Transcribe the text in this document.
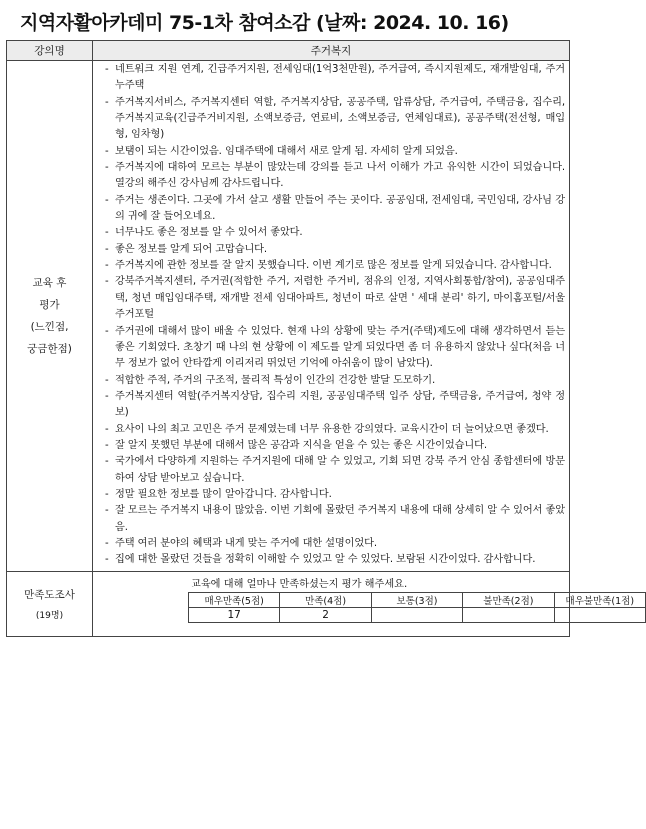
지역자활아카데미 75-1차 참여소감 (날짜: 2024. 10. 16)
강의명	주거복지

교육 후
평가
(느낀점,
궁금한점)

- 네트워크 지원 연계, 긴급주거지원, 전세임대(1억3천만원), 주거급여, 즉시지원제도, 재개발임대, 주거누주택
- 주거복지서비스, 주거복지센터 역할, 주거복지상담, 공공주택, 압류상담, 주거급여, 주택금융, 집수리, 주거복지교육(긴급주거비지원, 소액보증금, 연료비, 소액보증금, 연체임대료), 공공주택(전선형, 매입형, 임차형)
- 보탬이 되는 시간이었음. 임대주택에 대해서 새로 알게 됨. 자세히 알게 되었음.
- 주거복지에 대하여 모르는 부분이 많았는데 강의를 듣고 나서 이해가 가고 유익한 시간이 되었습니다. 열강의 해주신 강사님께 감사드립니다.
- 주거는 생존이다. 그곳에 가서 살고 생활 만들어 주는 곳이다. 공공임대, 전세임대, 국민임대, 강사님 강의 귀에 잘 들어오네요.
- 너무나도 좋은 정보를 알 수 있어서 좋았다.
- 좋은 정보를 알게 되어 고맙습니다.
- 주거복지에 관한 정보를 잘 알지 못했습니다. 이번 계기로 많은 정보를 알게 되었습니다. 감사합니다.
- 강북주거복지센터, 주거권(적합한 주거, 저렴한 주거비, 점유의 인정, 지역사회통합/참여), 공공임대주택, 청년 매입임대주택, 재개발 전세 임대아파트, 청년이 따로 살면 ' 세대 분리' 하기, 마이홈포털/서울주거포털
- 주거권에 대해서 많이 배울 수 있었다. 현재 나의 상황에 맞는 주거(주택)제도에 대해 생각하면서 듣는 좋은 기회였다. 초창기 때 나의 현 상황에 이 제도를 알게 되었다면 좀 더 유용하지 않았나 싶다(처음 너무 정보가 없어 안타깝게 이리저리 뛰었던 기억에 아쉬움이 많이 남았다).
- 적합한 주적, 주거의 구조적, 물리적 특성이 인간의 건강한 발달 도모하기.
- 주거복지센터 역할(주거복지상담, 집수리 지원, 공공임대주택 입주 상담, 주택금융, 주거급여, 청약 정보)
- 요사이 나의 최고 고민은 주거 문제였는데 너무 유용한 강의였다. 교육시간이 더 늘어났으면 좋겠다.
- 잘 알지 못했던 부분에 대해서 많은 공감과 지식을 얻을 수 있는 좋은 시간이었습니다.
- 국가에서 다양하게 지원하는 주거지원에 대해 알 수 있었고, 기회 되면 강북 주거 안심 종합센터에 방문하여 상담 받아보고 싶습니다.
- 정말 필요한 정보를 많이 알아갑니다. 감사합니다.
- 잘 모르는 주거복지 내용이 많았음. 이번 기회에 몰랐던 주거복지 내용에 대해 상세히 알 수 있어서 좋았음.
- 주택 여러 분야의 혜택과 내게 맞는 주거에 대한 설명이었다.
- 집에 대한 몰랐던 것들을 정확히 이해할 수 있었고 알 수 있었다. 보람된 시간이었다. 감사합니다.

만족도조사
(19명)

교육에 대해 얼마나 만족하셨는지 평가 해주세요.
매우만족(5점)	만족(4점)	보통(3점)	불만족(2점)	매우불만족(1점)
17	2			
